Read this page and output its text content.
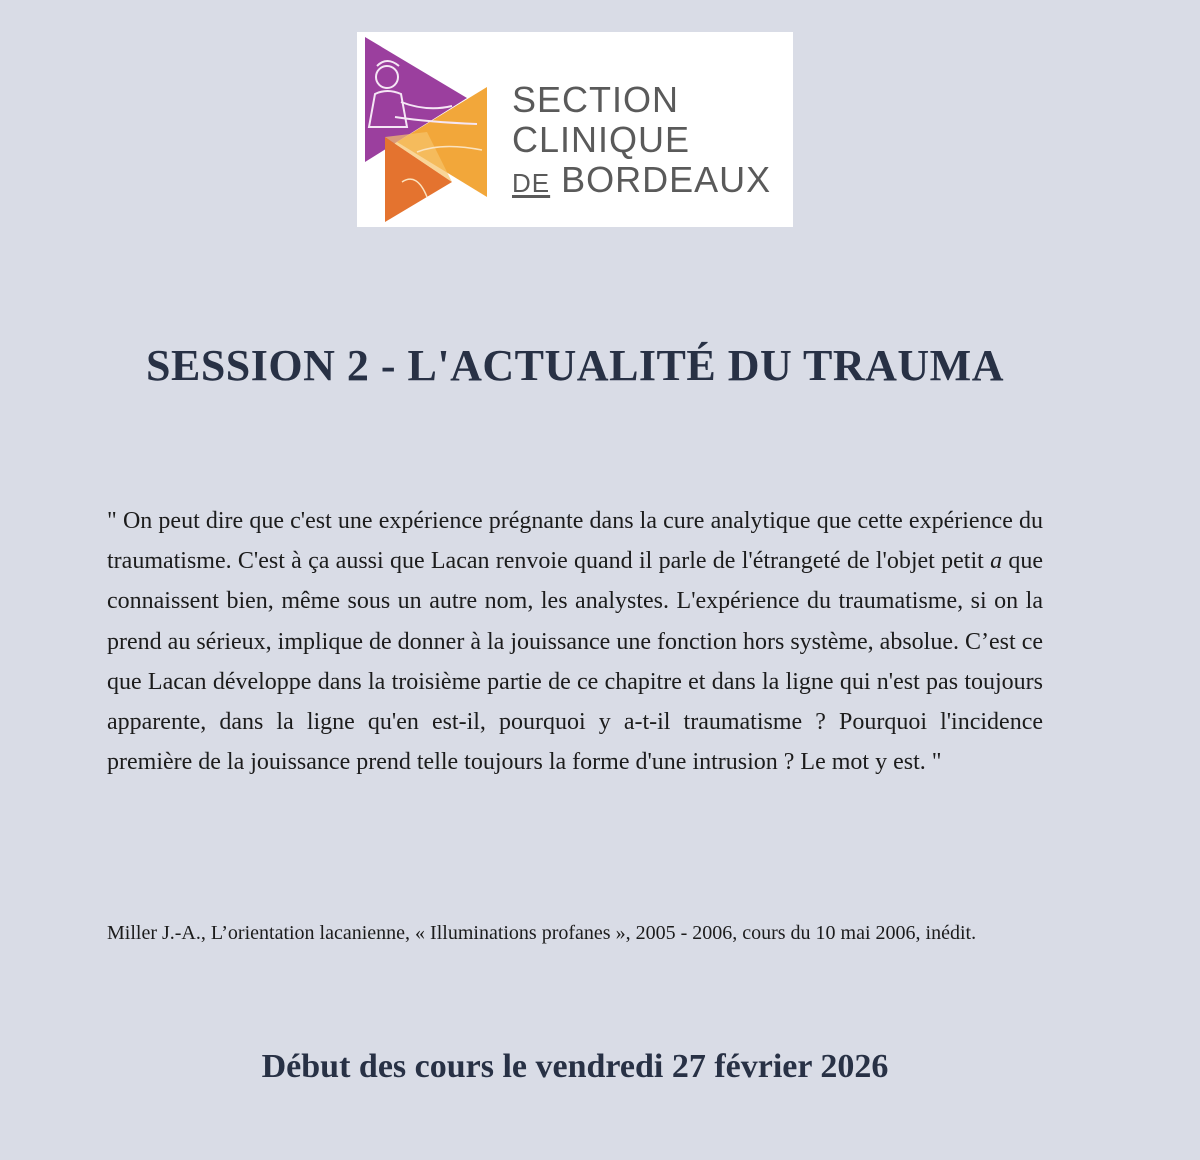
SECTION
CLINIQUE
DE BORDEAUX
SESSION 2 - L'ACTUALITÉ DU TRAUMA

" On peut dire que c'est une expérience prégnante dans la cure analytique que cette expérience du traumatisme. C'est à ça aussi que Lacan renvoie quand il parle de l'étrangeté de l'objet petit a que connaissent bien, même sous un autre nom, les analystes. L'expérience du traumatisme, si on la prend au sérieux, implique de donner à la jouissance une fonction hors système, absolue. C’est ce que Lacan développe dans la troisième partie de ce chapitre et dans la ligne qui n'est pas toujours apparente, dans la ligne qu'en est-il, pourquoi y a-t-il traumatisme ? Pourquoi l'incidence première de la jouissance prend telle toujours la forme d'une intrusion ? Le mot y est. "

Miller J.-A., L’orientation lacanienne, « Illuminations profanes », 2005 - 2006, cours du 10 mai 2006, inédit.

Début des cours le vendredi 27 février 2026
